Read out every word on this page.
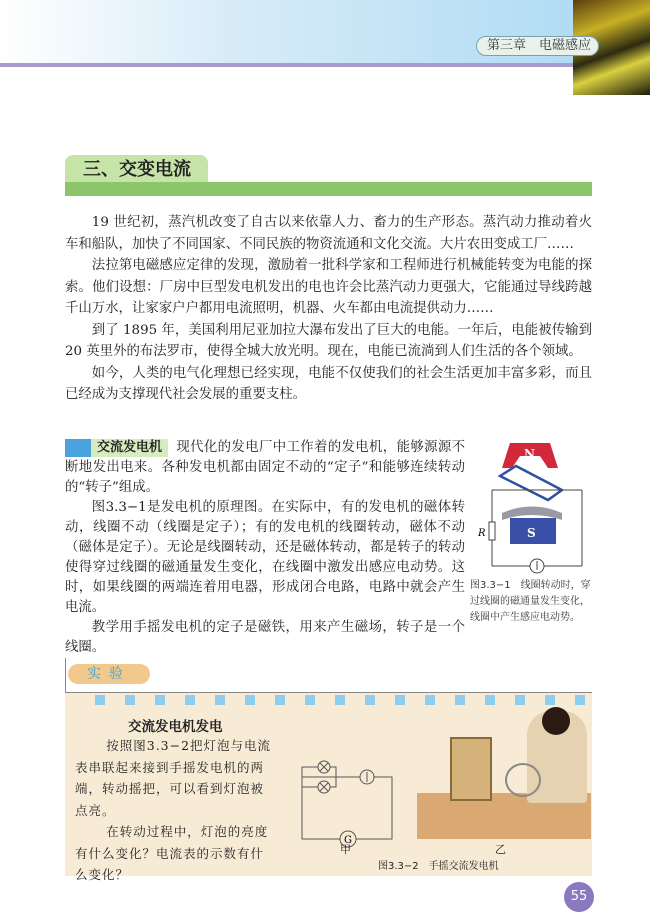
第三章　电磁感应
三、交变电流

19 世纪初，蒸汽机改变了自古以来依靠人力、畜力的生产形态。蒸汽动力推动着火车和船队，加快了不同国家、不同民族的物资流通和文化交流。大片农田变成工厂……

法拉第电磁感应定律的发现，激励着一批科学家和工程师进行机械能转变为电能的探索。他们设想：厂房中巨型发电机发出的电也许会比蒸汽动力更强大，它能通过导线跨越千山万水，让家家户户都用电流照明，机器、火车都由电流提供动力……

到了 1895 年，美国利用尼亚加拉大瀑布发出了巨大的电能。一年后，电能被传输到 20 英里外的布法罗市，使得全城大放光明。现在，电能已流淌到人们生活的各个领域。

如今，人类的电气化理想已经实现，电能不仅使我们的社会生活更加丰富多彩，而且已经成为支撑现代社会发展的重要支柱。

交流发电机 现代化的发电厂中工作着的发电机，能够源源不断地发出电来。各种发电机都由固定不动的“定子”和能够连续转动的“转子”组成。

图3.3−1是发电机的原理图。在实际中，有的发电机的磁体转动，线圈不动（线圈是定子）；有的发电机的线圈转动，磁体不动（磁体是定子）。无论是线圈转动，还是磁体转动，都是转子的转动使得穿过线圈的磁通量发生变化，在线圈中激发出感应电动势。这时，如果线圈的两端连着用电器，形成闭合电路，电路中就会产生电流。

教学用手摇发电机的定子是磁铁，用来产生磁场，转子是一个线圈。

N
S
R
图3.3−1　线圈转动时，穿过线圈的磁通量发生变化，线圈中产生感应电动势。
实验
交流发电机发电

按照图3.3−2把灯泡与电流表串联起来接到手摇发电机的两端，转动摇把，可以看到灯泡被点亮。

在转动过程中，灯泡的亮度有什么变化？电流表的示数有什么变化？

G
甲	乙
图3.3−2　手摇交流发电机
55
